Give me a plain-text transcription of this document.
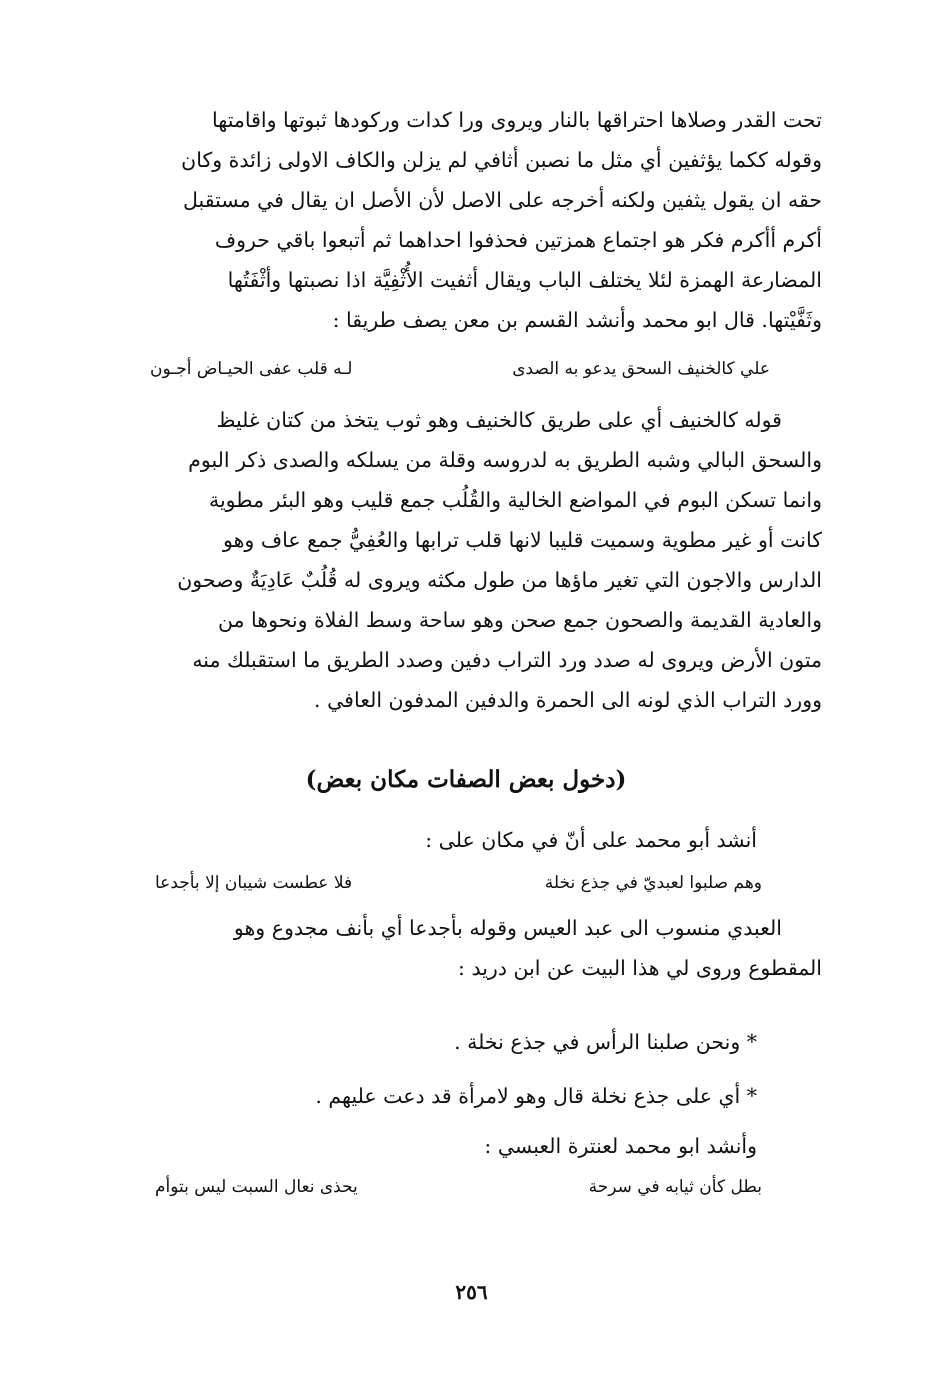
تحت القدر وصلاها احتراقها بالنار ويروى ورا كدات وركودها ثبوتها واقامتها
وقوله ككما يؤثفين أي مثل ما نصبن أثافي لم يزلن والكاف الاولى زائدة وكان
حقه ان يقول يثفين ولكنه أخرجه على الاصل لأن الأصل ان يقال في مستقبل
أكرم أأكرم فكر هو اجتماع همزتين فحذفوا احداهما ثم أتبعوا باقي حروف
المضارعة الهمزة لئلا يختلف الباب ويقال أثفيت الأُثْفِيَّة اذا نصبتها وأثْفَتُها
وثَفَّيْتها. قال ابو محمد وأنشد القسم بن معن يصف طريقا :
علي كالخنيف السحق يدعو به الصدى
لـه قلب عفى الحيـاض أجـون
قوله كالخنيف أي على طريق كالخنيف وهو ثوب يتخذ من كتان غليظ
والسحق البالي وشبه الطريق به لدروسه وقلة من يسلكه والصدى ذكر البوم
وانما تسكن البوم في المواضع الخالية والقُلُب جمع قليب وهو البئر مطوية
كانت أو غير مطوية وسميت قليبا لانها قلب ترابها والعُفِيُّ جمع عاف وهو
الدارس والاجون التي تغير ماؤها من طول مكثه ويروى له قُلُبٌ عَادِيَةٌ وصحون
والعادية القديمة والصحون جمع صحن وهو ساحة وسط الفلاة ونحوها من
متون الأرض ويروى له صدد ورد التراب دفين وصدد الطريق ما استقبلك منه
وورد التراب الذي لونه الى الحمرة والدفين المدفون العافي .
(دخول بعض الصفات مكان بعض)
أنشد أبو محمد على أنّ في مكان على :
وهم صلبوا لعبديّ في جذع نخلة
فلا عطست شيبان إلا بأجدعا
العبدي منسوب الى عبد العيس وقوله بأجدعا أي بأنف مجدوع وهو
المقطوع وروى لي هذا البيت عن ابن دريد :
* ونحن صلبنا الرأس في جذع نخلة .
* أي على جذع نخلة قال وهو لامرأة قد دعت عليهم .
وأنشد ابو محمد لعنترة العبسي :
بطل كأن ثيابه في سرحة
يحذى نعال السبت ليس بتوأم
٢٥٦
